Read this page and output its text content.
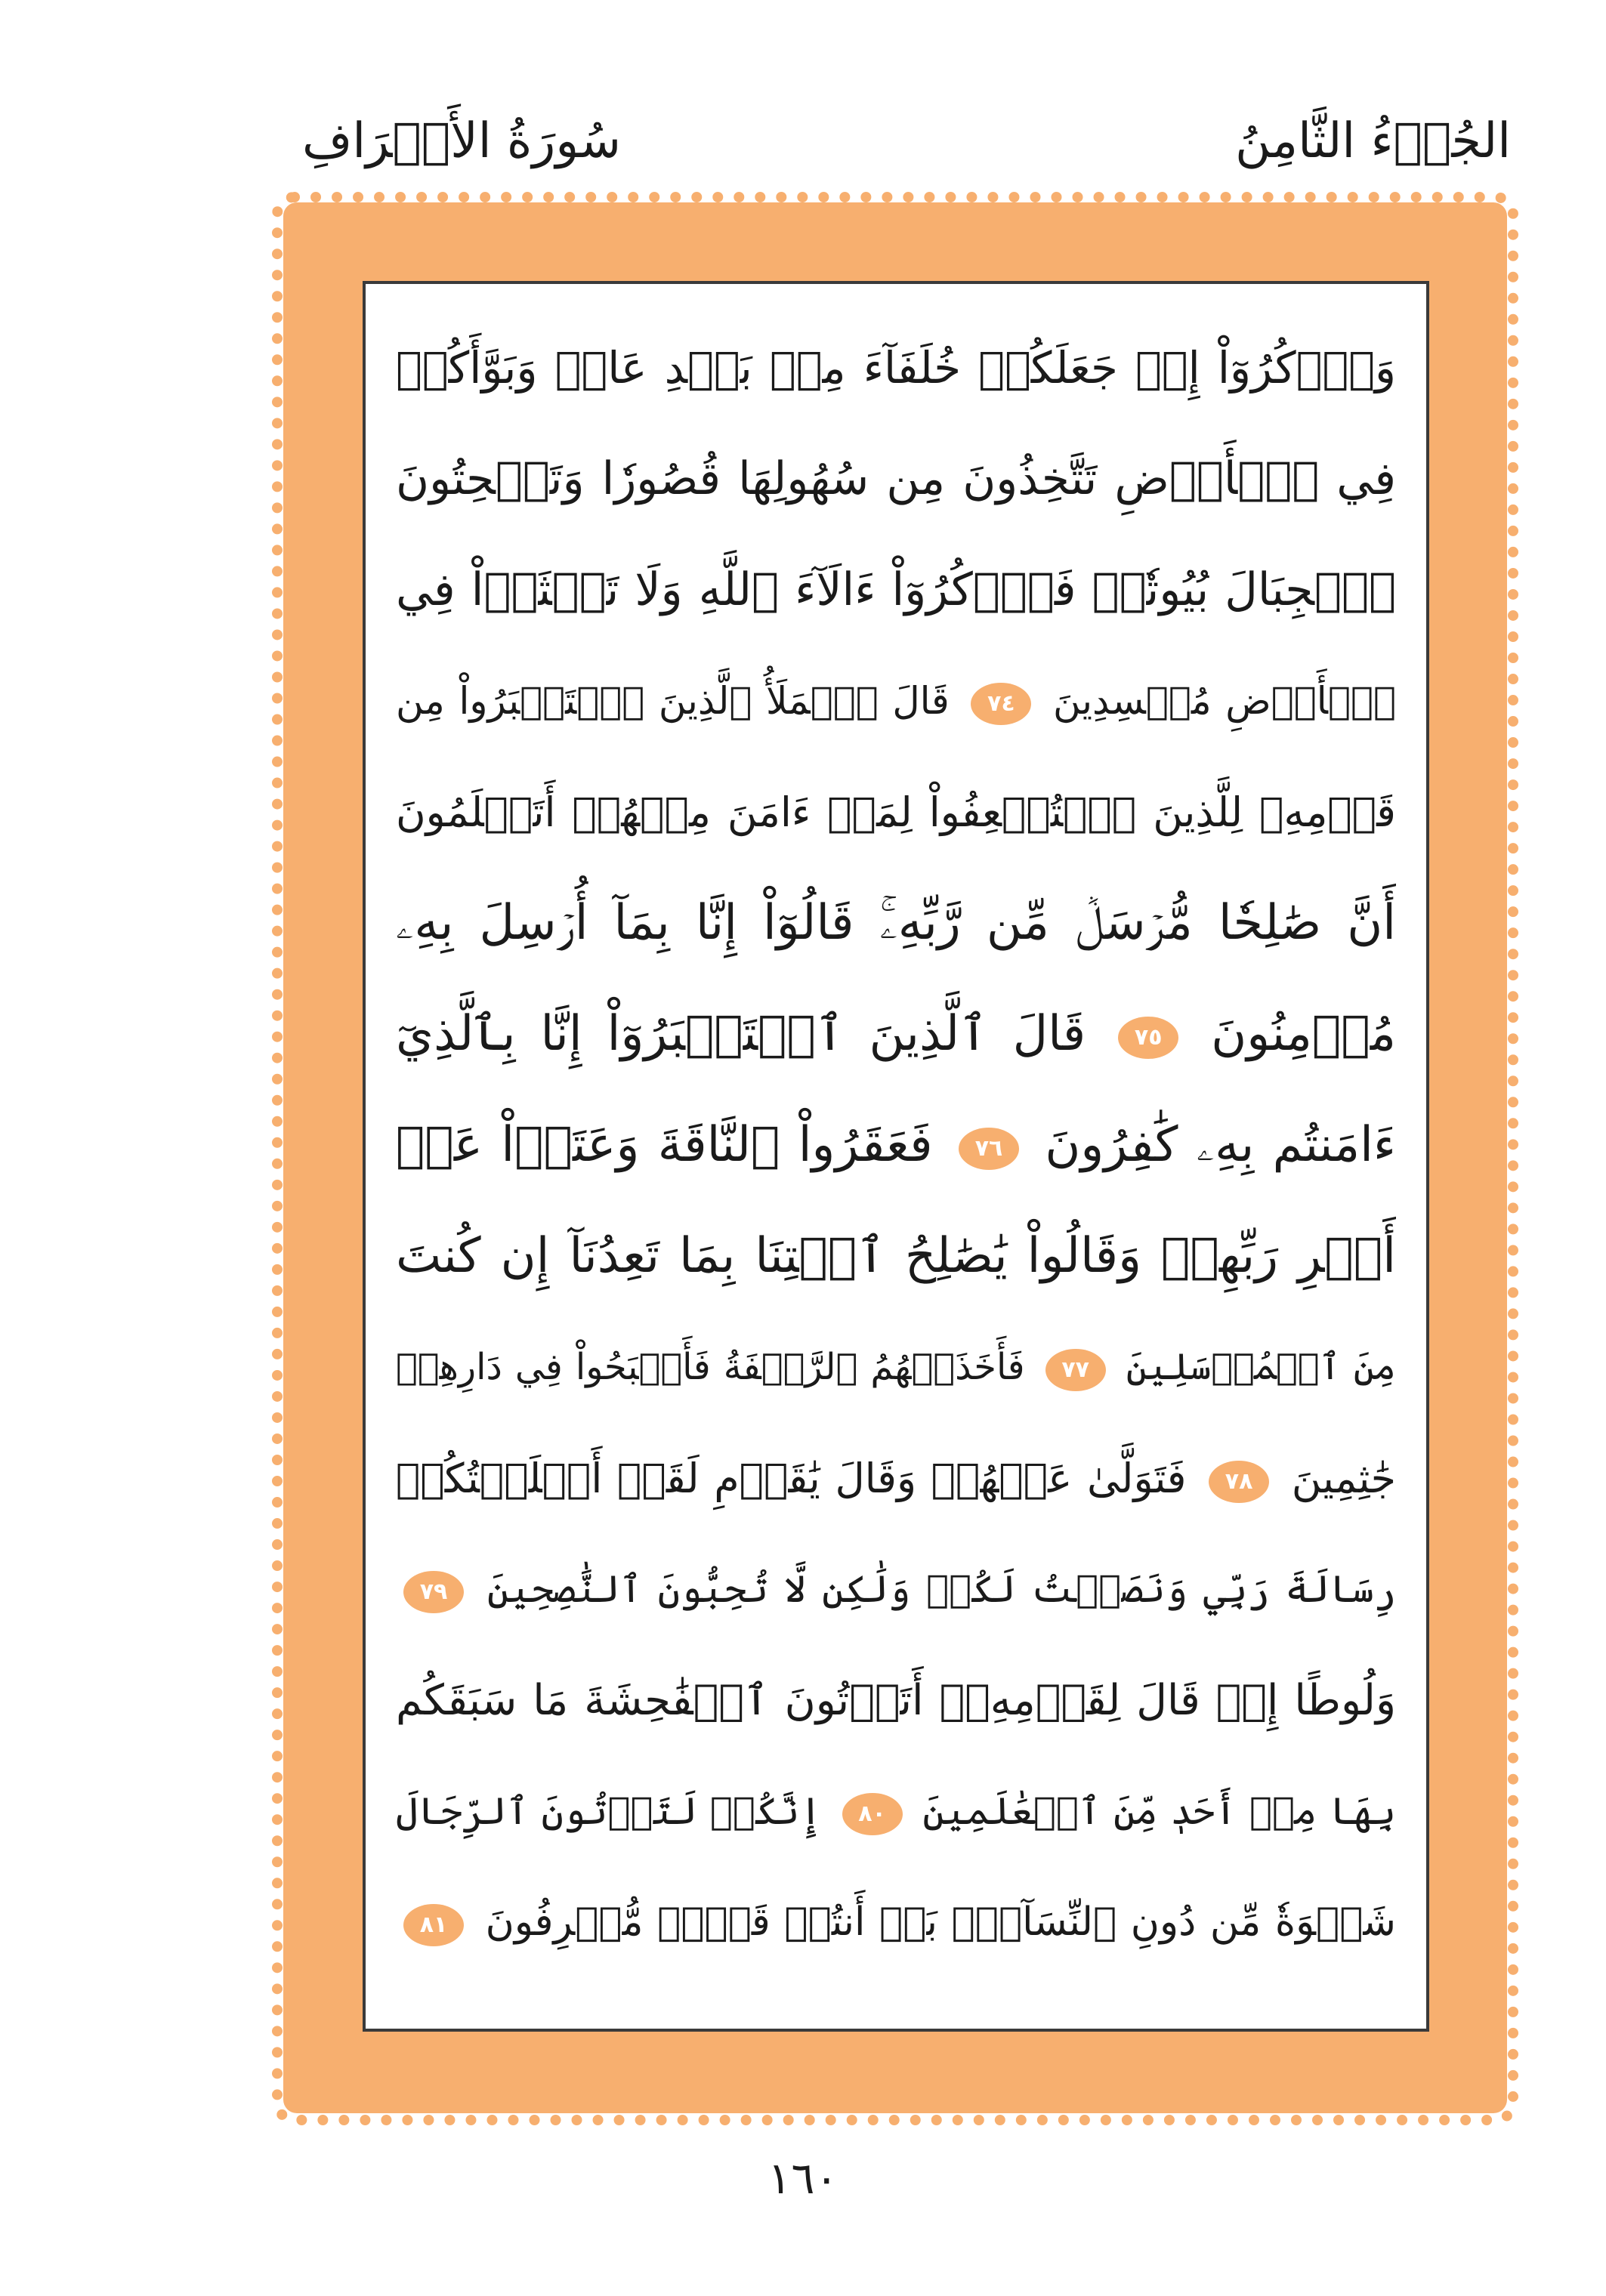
سُورَةُ الأَعۡرَافِ	الجُزۡءُ الثَّامِنُ
وَٱذۡكُرُوٓاْ إِذۡ جَعَلَكُمۡ خُلَفَآءَ مِنۢ بَعۡدِ عَادٖ وَبَوَّأَكُمۡ
فِي ٱلۡأَرۡضِ تَتَّخِذُونَ مِن سُهُولِهَا قُصُورٗا وَتَنۡحِتُونَ
ٱلۡجِبَالَ بُيُوتٗاۖ فَٱذۡكُرُوٓاْ ءَالَآءَ ٱللَّهِ وَلَا تَعۡثَوۡاْ فِي
ٱلۡأَرۡضِ مُفۡسِدِينَ ٧٤ قَالَ ٱلۡمَلَأُ ٱلَّذِينَ ٱسۡتَكۡبَرُواْ مِن
قَوۡمِهِۦ لِلَّذِينَ ٱسۡتُضۡعِفُواْ لِمَنۡ ءَامَنَ مِنۡهُمۡ أَتَعۡلَمُونَ
أَنَّ صَٰلِحٗا مُّرۡسَلٞ مِّن رَّبِّهِۦۚ قَالُوٓاْ إِنَّا بِمَآ أُرۡسِلَ بِهِۦ
مُؤۡمِنُونَ ٧٥ قَالَ ٱلَّذِينَ ٱسۡتَكۡبَرُوٓاْ إِنَّا بِٱلَّذِيٓ
ءَامَنتُم بِهِۦ كَٰفِرُونَ ٧٦ فَعَقَرُواْ ٱلنَّاقَةَ وَعَتَوۡاْ عَنۡ
أَمۡرِ رَبِّهِمۡ وَقَالُواْ يَٰصَٰلِحُ ٱئۡتِنَا بِمَا تَعِدُنَآ إِن كُنتَ
مِنَ ٱلۡمُرۡسَلِينَ ٧٧ فَأَخَذَتۡهُمُ ٱلرَّجۡفَةُ فَأَصۡبَحُواْ فِي دَارِهِمۡ
جَٰثِمِينَ ٧٨ فَتَوَلَّىٰ عَنۡهُمۡ وَقَالَ يَٰقَوۡمِ لَقَدۡ أَبۡلَغۡتُكُمۡ
رِسَالَةَ رَبِّي وَنَصَحۡتُ لَكُمۡ وَلَٰكِن لَّا تُحِبُّونَ ٱلنَّٰصِحِينَ ٧٩
وَلُوطًا إِذۡ قَالَ لِقَوۡمِهِۦٓ أَتَأۡتُونَ ٱلۡفَٰحِشَةَ مَا سَبَقَكُم
بِهَا مِنۡ أَحَدٖ مِّنَ ٱلۡعَٰلَمِينَ ٨٠ إِنَّكُمۡ لَتَأۡتُونَ ٱلرِّجَالَ
شَهۡوَةٗ مِّن دُونِ ٱلنِّسَآءِۚ بَلۡ أَنتُمۡ قَوۡمٞ مُّسۡرِفُونَ ٨١
١٦٠
